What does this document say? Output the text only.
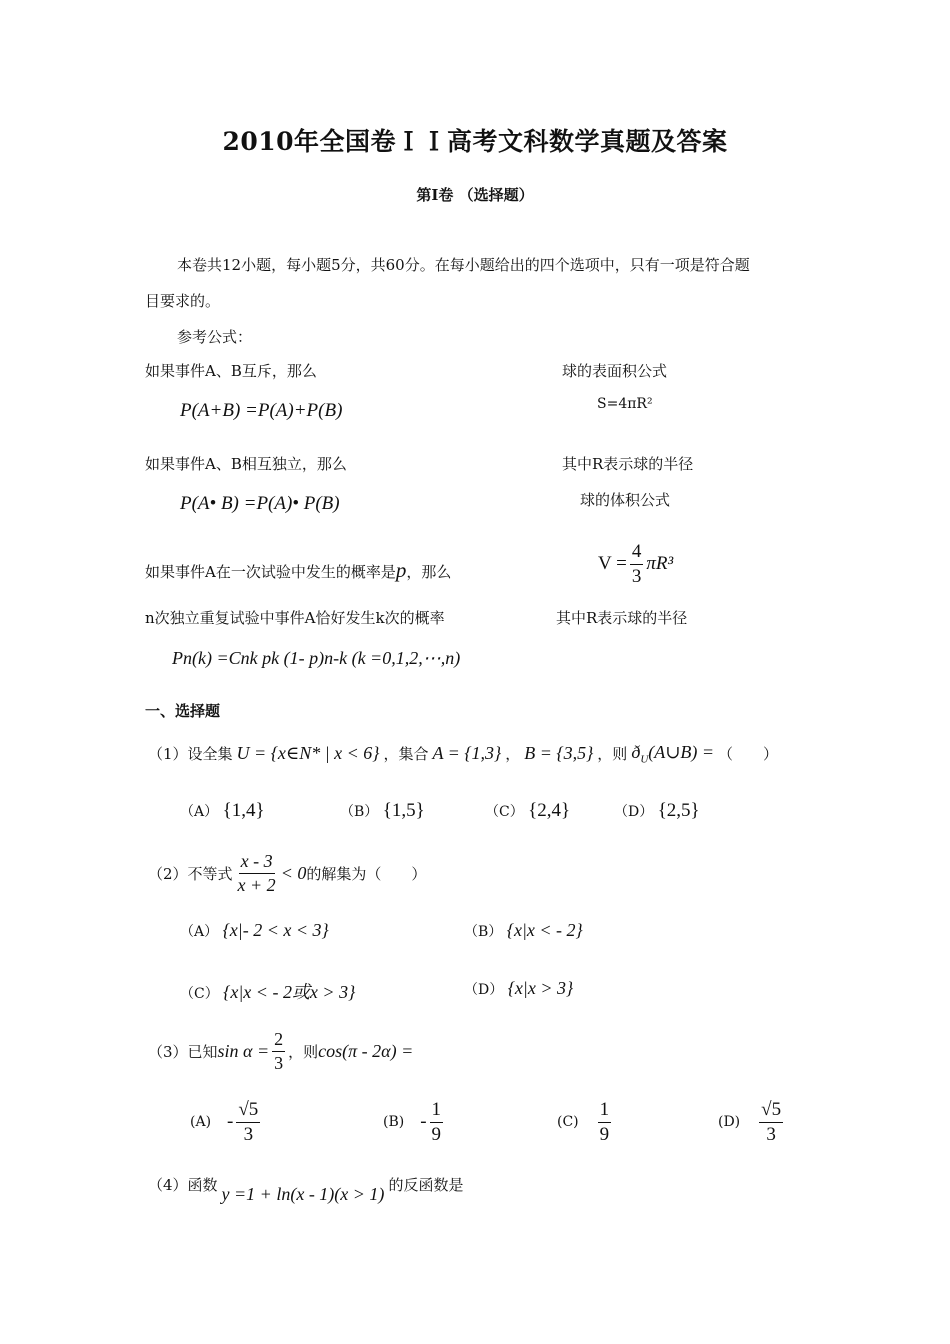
2010年全国卷ＩＩ高考文科数学真题及答案
第Ⅰ卷 （选择题）
本卷共12小题，每小题5分，共60分。在每小题给出的四个选项中，只有一项是符合题
目要求的。
参考公式：
如果事件A、B互斥，那么
P(A+B) =P(A)+P(B)
如果事件A、B相互独立，那么
P(A• B) =P(A)• P(B)
如果事件A在一次试验中发生的概率是p，那么
n次独立重复试验中事件A恰好发生k次的概率
Pn(k) =Cnk pk (1- p)n-k (k =0,1,2,⋯,n)
球的表面积公式
S=4πR²
其中R表示球的半径
球的体积公式
$V = \frac{4}{3} \pi R^3$
其中R表示球的半径
一、选择题
（1）设全集 U = {x∈N* | x < 6} ，集合 A = {1,3} ， B = {3,5} ，则 $ð_U(A\cup B)$ = （　　）
（A） {1,4}	（B） {1,5}	（C） {2,4}	（D） {2,5}
（2）不等式 $\frac{x - 3}{x + 2} < 0$ 的解集为（　　）
（A） {x|- 2 < x < 3}	（B） {x|x < - 2}
（C） {x|x < - 2或x > 3}	（D） {x|x > 3}
（3）已知 $\sin \alpha = \frac{2}{3}$ ，则 cos(π - 2α) =
$(A) - \frac{√5}{3}$	$(B) - \frac{1}{9}$	$(C) \frac{1}{9}$	$(D) \frac{√5}{3}$
（4）函数 y =1 + ln(x - 1)(x > 1) 的反函数是
